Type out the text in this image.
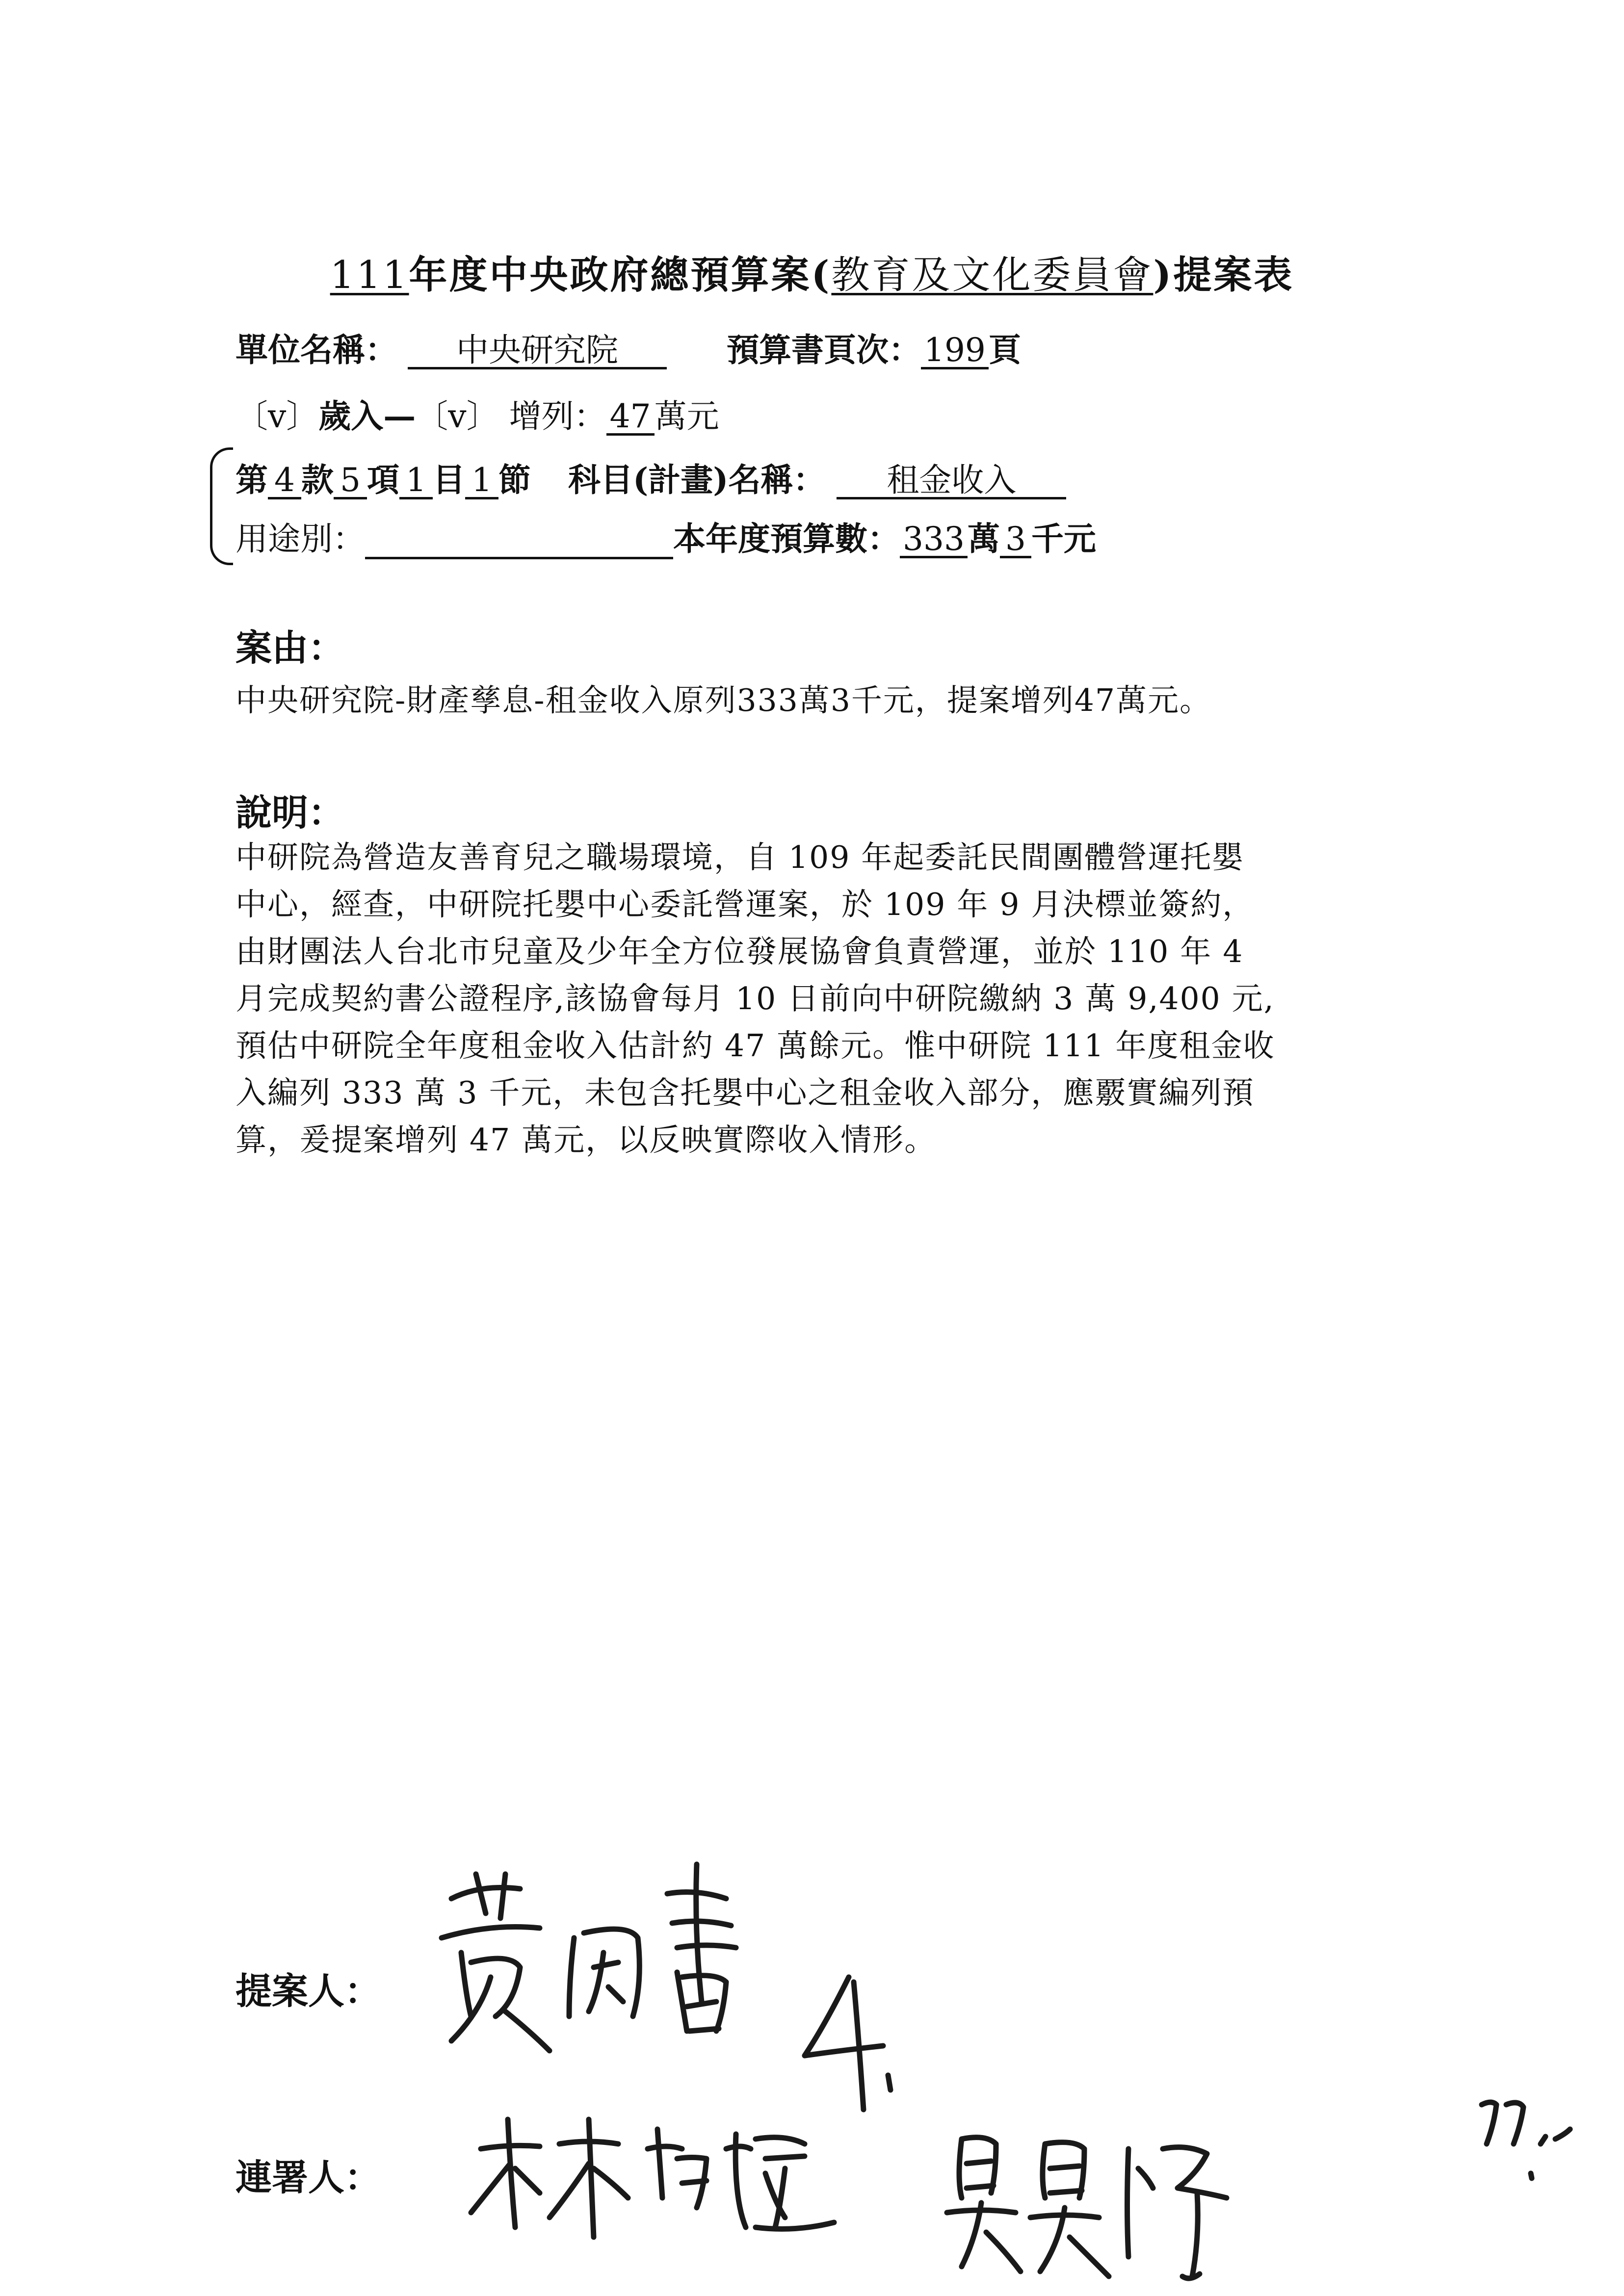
111年度中央政府總預算案(教育及文化委員會)提案表
單位名稱： 中央研究院	預算書頁次：199頁
〔v〕歲入—〔v〕 增列： 47 萬元
第 4 款 5 項 1 目 1 節 科目(計畫)名稱： 租金收入
用途別：	本年度預算數：333萬 3 千元
案由：
中央研究院-財產孳息-租金收入原列333萬3千元，提案增列47萬元。
說明：
中研院為營造友善育兒之職場環境，自 109 年起委託民間團體營運托嬰
中心，經查，中研院托嬰中心委託營運案，於 109 年 9 月決標並簽約，
由財團法人台北市兒童及少年全方位發展協會負責營運，並於 110 年 4
月完成契約書公證程序,該協會每月 10 日前向中研院繳納 3 萬 9,400 元,
預估中研院全年度租金收入估計約 47 萬餘元。惟中研院 111 年度租金收
入編列 333 萬 3 千元，未包含托嬰中心之租金收入部分，應覈實編列預
算，爰提案增列 47 萬元，以反映實際收入情形。
提案人：
連署人：
